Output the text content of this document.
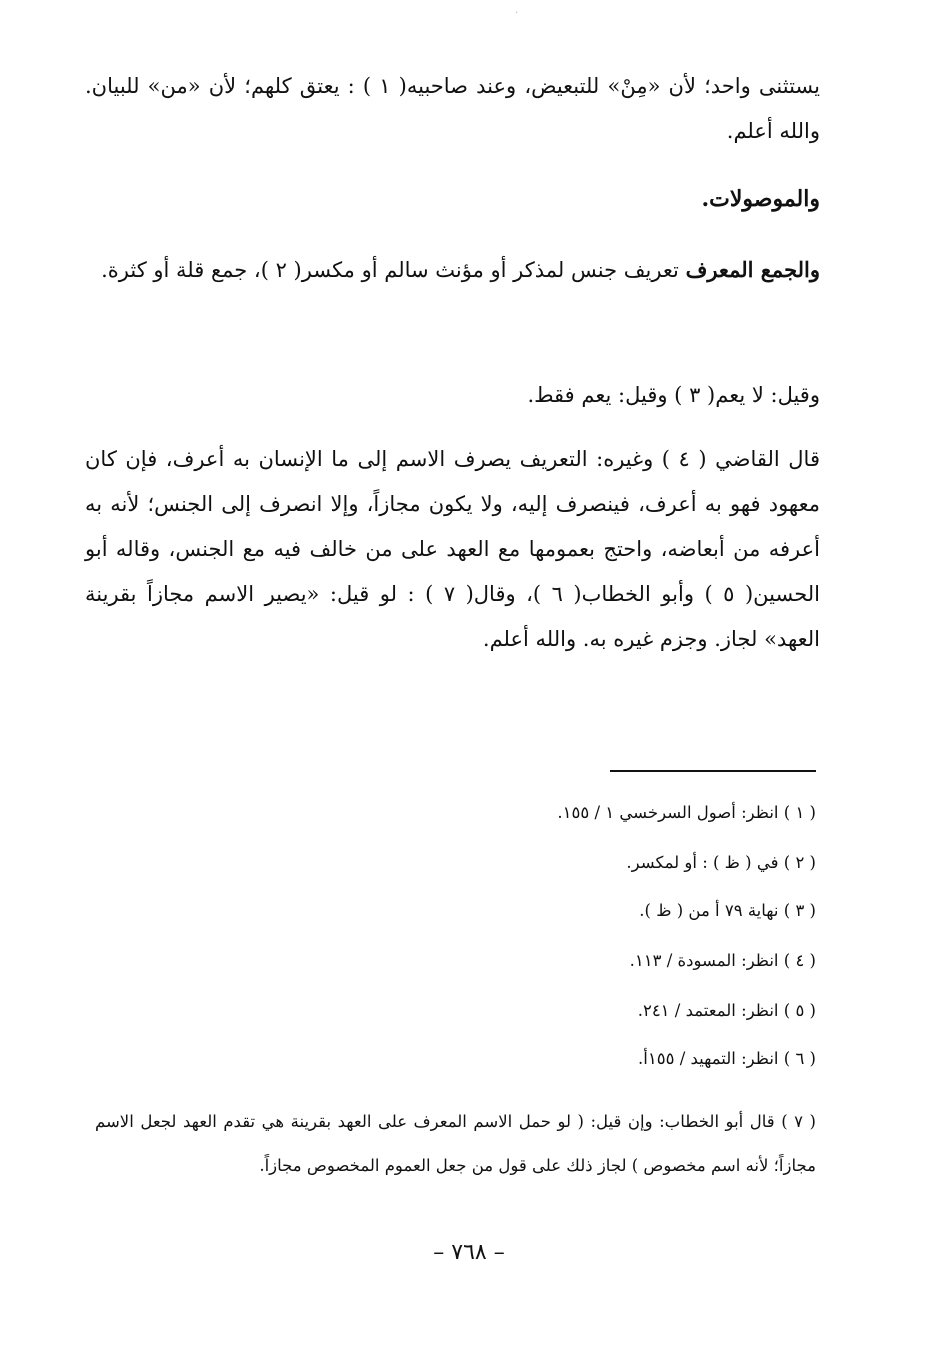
·

يستثنى واحد؛ لأن «مِنْ» للتبعيض، وعند صاحبيه( ١ ) : يعتق كلهم؛ لأن «من» للبيان. والله أعلم.

والموصولات.

والجمع المعرف تعريف جنس لمذكر أو مؤنث سالم أو مكسر( ٢ )، جمع قلة أو كثرة.

وقيل: لا يعم( ٣ ) وقيل: يعم فقط.

قال القاضي ( ٤ ) وغيره: التعريف يصرف الاسم إلى ما الإنسان به أعرف، فإن كان معهود فهو به أعرف، فينصرف إليه، ولا يكون مجازاً، وإلا انصرف إلى الجنس؛ لأنه به أعرفه من أبعاضه، واحتج بعمومها مع العهد على من خالف فيه مع الجنس، وقاله أبو الحسين( ٥ ) وأبو الخطاب( ٦ )، وقال( ٧ ) : لو قيل: «يصير الاسم مجازاً بقرينة العهد» لجاز. وجزم غيره به. والله أعلم.

( ١ ) انظر: أصول السرخسي ١ / ١٥٥.
( ٢ ) في ( ظ ) : أو لمكسر.
( ٣ ) نهاية ٧٩ أ من ( ظ ).
( ٤ ) انظر: المسودة / ١١٣.
( ٥ ) انظر: المعتمد / ٢٤١.
( ٦ ) انظر: التمهيد / ١٥٥أ.
( ٧ ) قال أبو الخطاب: وإن قيل: ( لو حمل الاسم المعرف على العهد بقرينة هي تقدم العهد لجعل الاسم مجازاً؛ لأنه اسم مخصوص ) لجاز ذلك على قول من جعل العموم المخصوص مجازاً.
– ٧٦٨ –
